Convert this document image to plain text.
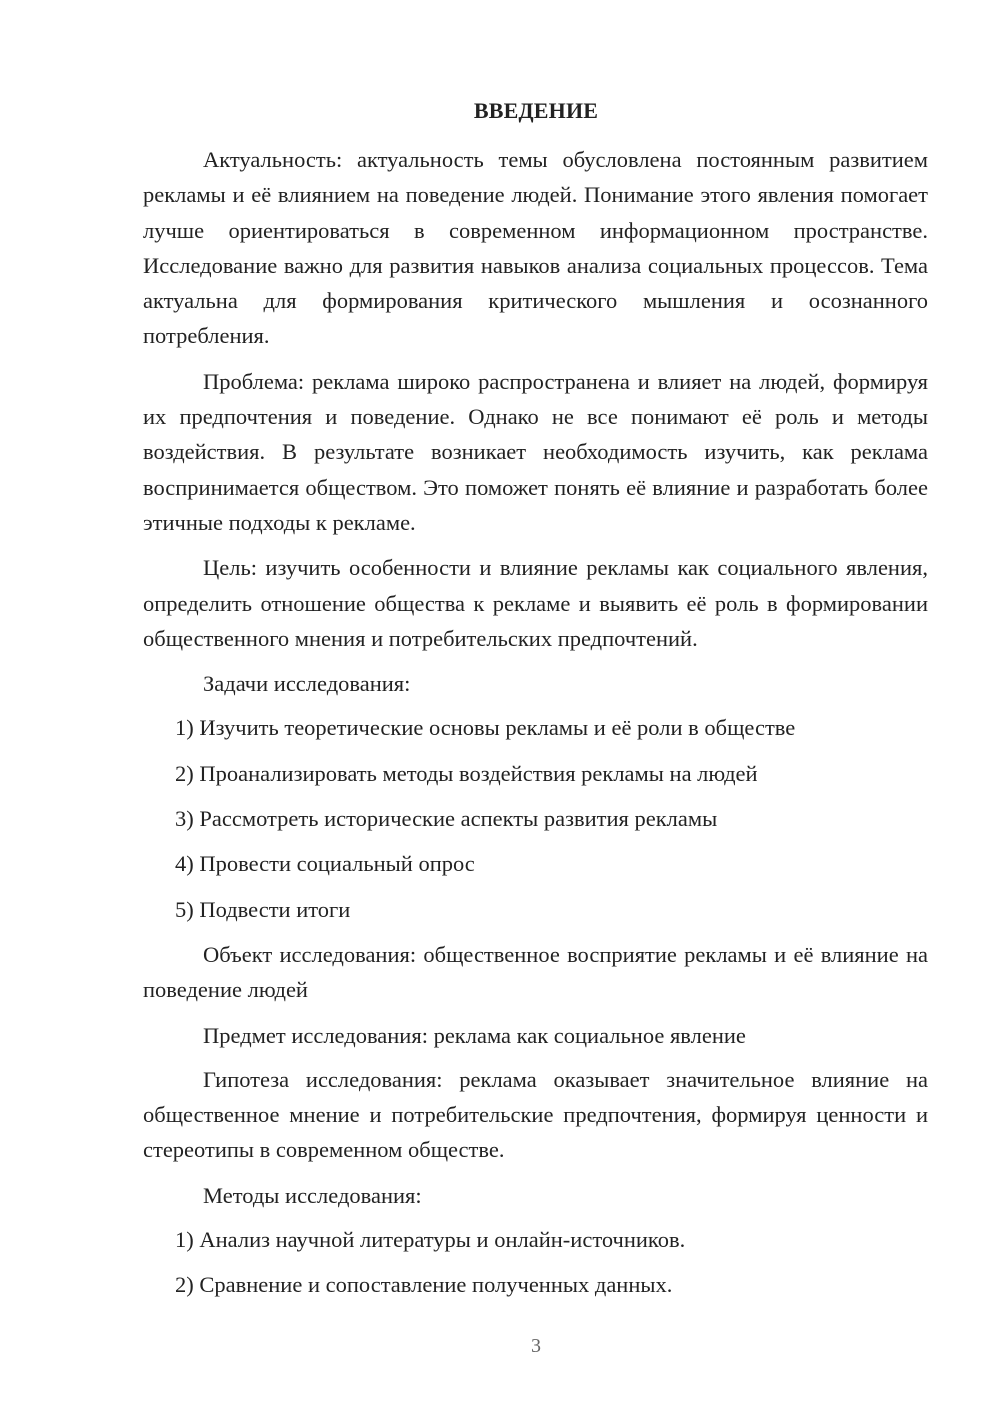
ВВЕДЕНИЕ

Актуальность: актуальность темы обусловлена постоянным развитием рекламы и её влиянием на поведение людей. Понимание этого явления помогает лучше ориентироваться в современном информационном пространстве. Исследование важно для развития навыков анализа социальных процессов. Тема актуальна для формирования критического мышления и осознанного потребления.

Проблема: реклама широко распространена и влияет на людей, формируя их предпочтения и поведение. Однако не все понимают её роль и методы воздействия. В результате возникает необходимость изучить, как реклама воспринимается обществом. Это поможет понять её влияние и разработать более этичные подходы к рекламе.

Цель: изучить особенности и влияние рекламы как социального явления, определить отношение общества к рекламе и выявить её роль в формировании общественного мнения и потребительских предпочтений.

Задачи исследования:

1) Изучить теоретические основы рекламы и её роли в обществе
2) Проанализировать методы воздействия рекламы на людей
3) Рассмотреть исторические аспекты развития рекламы
4) Провести социальный опрос
5) Подвести итоги

Объект исследования: общественное восприятие рекламы и её влияние на поведение людей

Предмет исследования: реклама как социальное явление

Гипотеза исследования: реклама оказывает значительное влияние на общественное мнение и потребительские предпочтения, формируя ценности и стереотипы в современном обществе.

Методы исследования:

1) Анализ научной литературы и онлайн-источников.
2) Сравнение и сопоставление полученных данных.
3
